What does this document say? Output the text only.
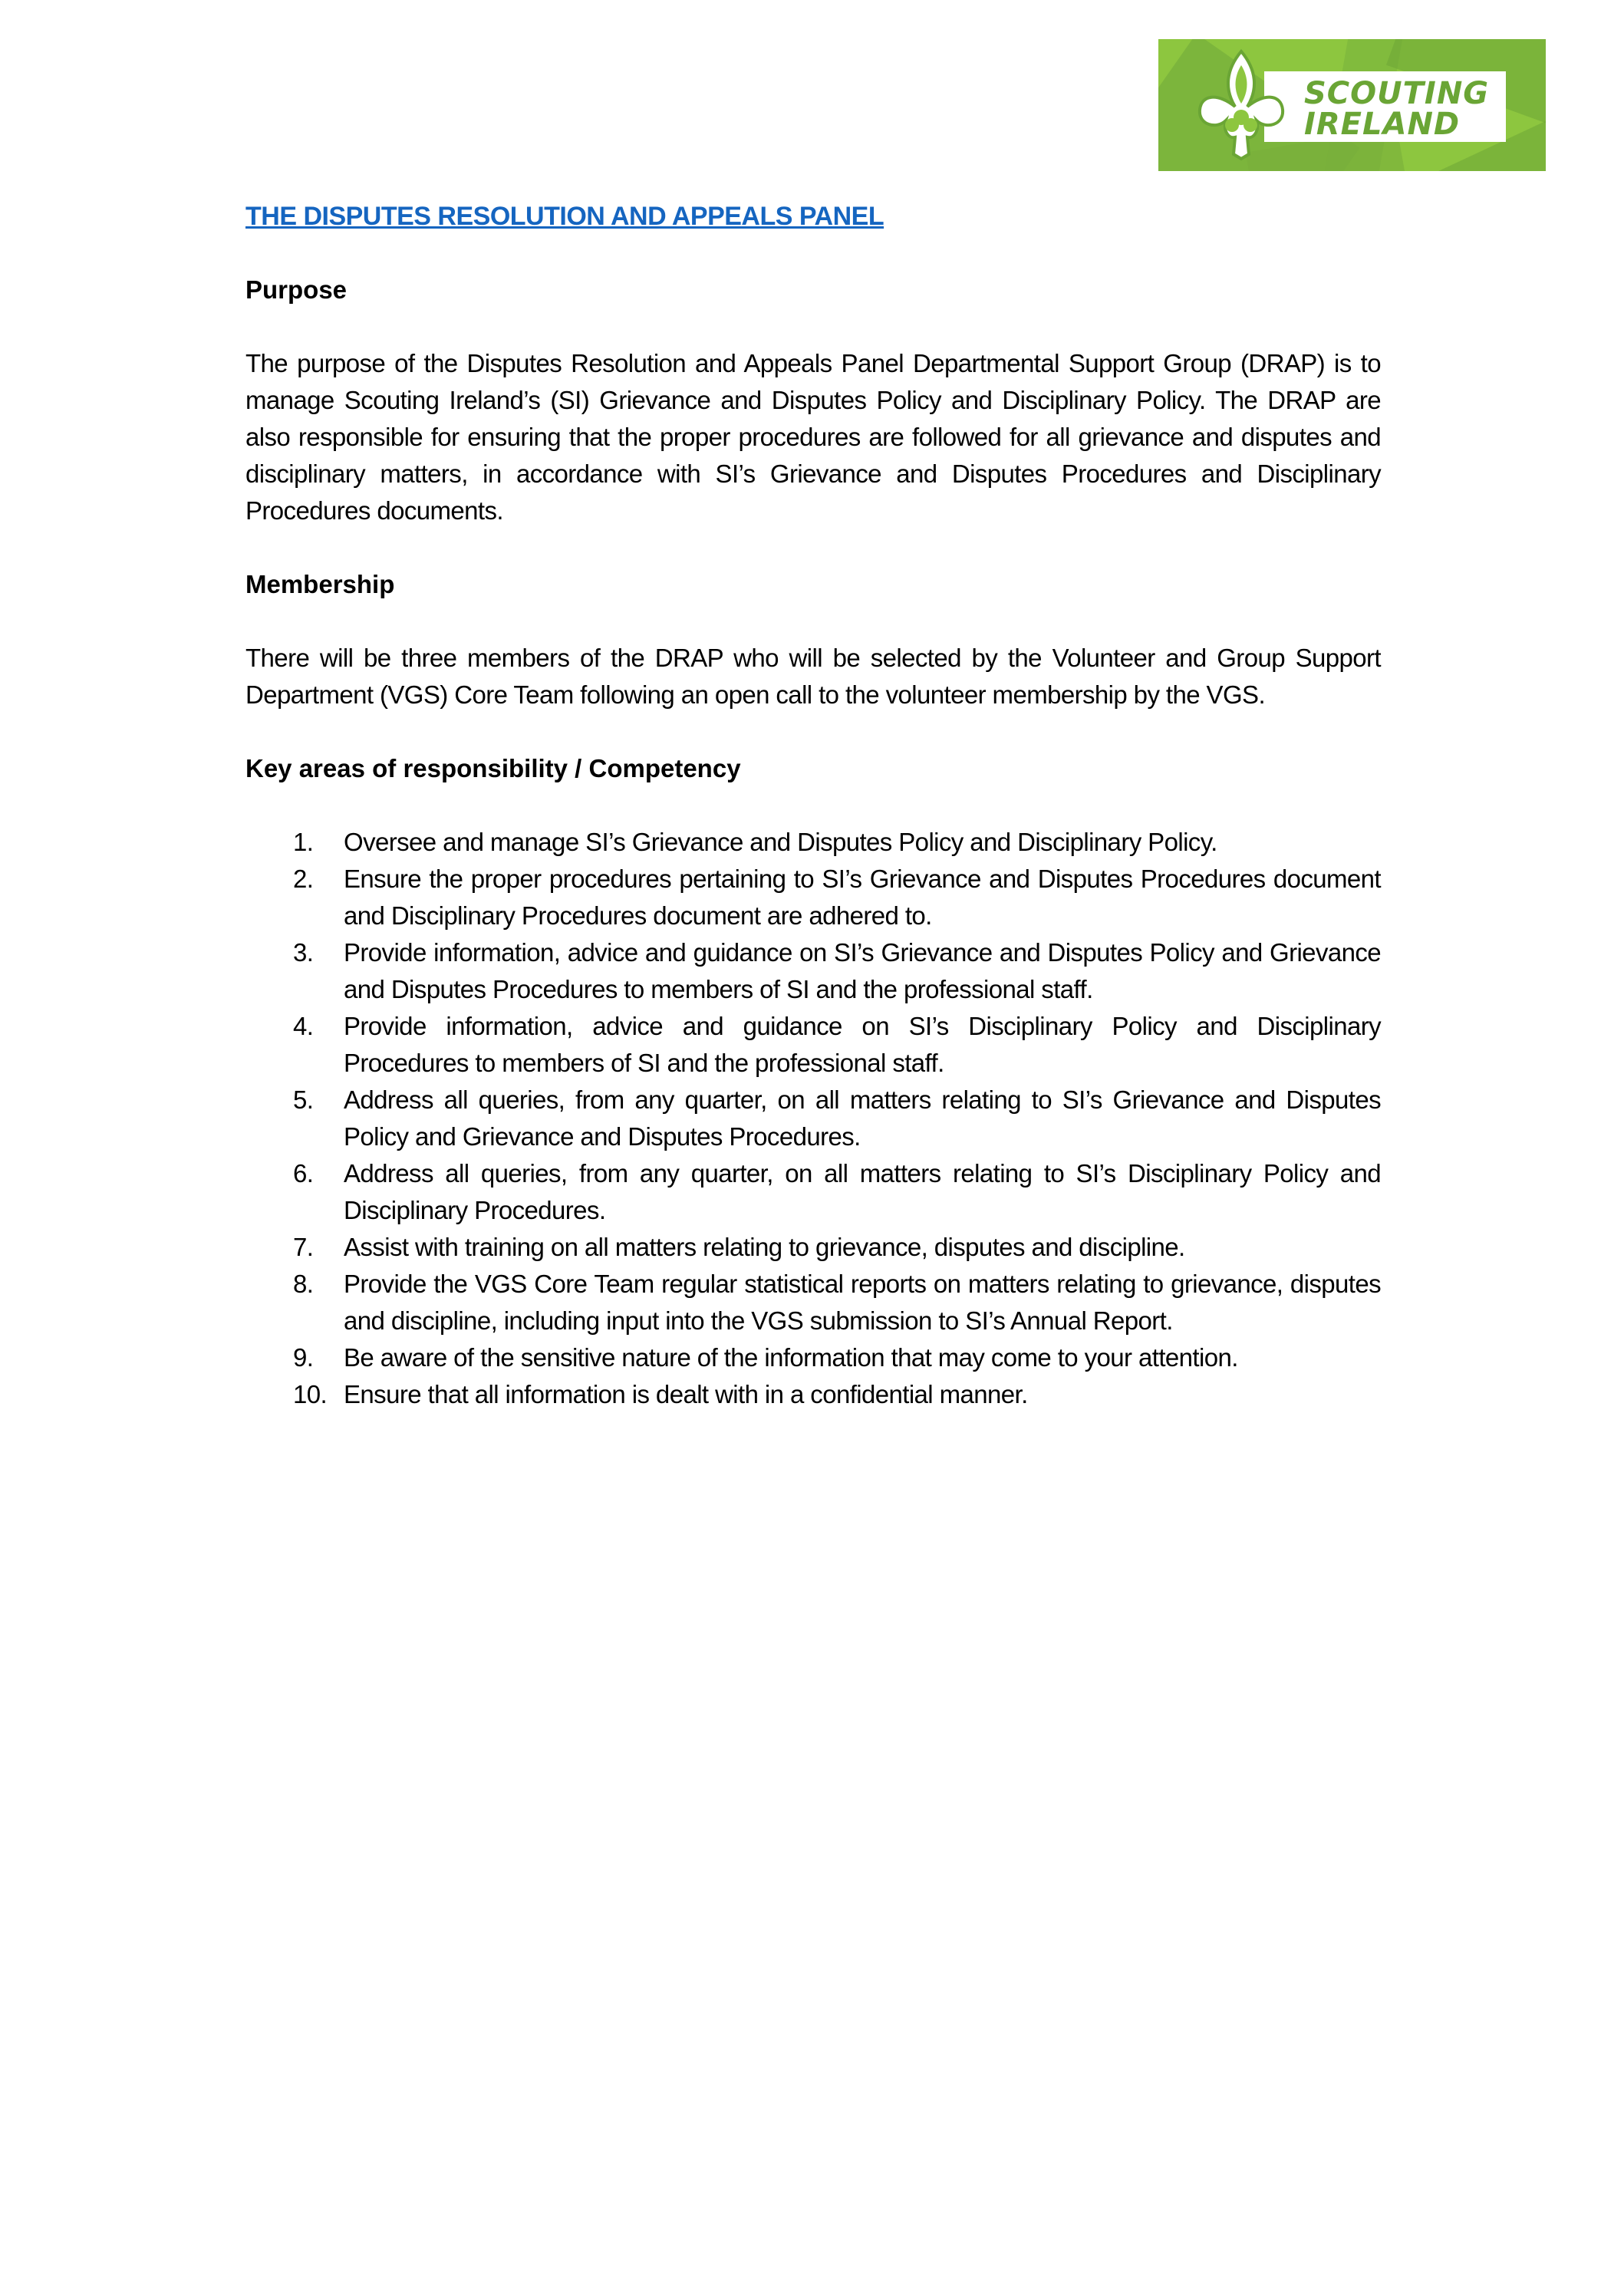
SCOUTING
IRELAND
THE DISPUTES RESOLUTION AND APPEALS PANEL
Purpose

The purpose of the Disputes Resolution and Appeals Panel Departmental Support Group (DRAP) is to manage Scouting Ireland’s (SI) Grievance and Disputes Policy and Disciplinary Policy. The DRAP are also responsible for ensuring that the proper procedures are followed for all grievance and disputes and disciplinary matters, in accordance with SI’s Grievance and Disputes Procedures and Disciplinary Procedures documents.

Membership

There will be three members of the DRAP who will be selected by the Volunteer and Group Support Department (VGS) Core Team following an open call to the volunteer membership by the VGS.

Key areas of responsibility / Competency
1. Oversee and manage SI’s Grievance and Disputes Policy and Disciplinary Policy.
2. Ensure the proper procedures pertaining to SI’s Grievance and Disputes Procedures document and Disciplinary Procedures document are adhered to.
3. Provide information, advice and guidance on SI’s Grievance and Disputes Policy and Grievance and Disputes Procedures to members of SI and the professional staff.
4. Provide information, advice and guidance on SI’s Disciplinary Policy and Disciplinary Procedures to members of SI and the professional staff.
5. Address all queries, from any quarter, on all matters relating to SI’s Grievance and Disputes Policy and Grievance and Disputes Procedures.
6. Address all queries, from any quarter, on all matters relating to SI’s Disciplinary Policy and Disciplinary Procedures.
7. Assist with training on all matters relating to grievance, disputes and discipline.
8. Provide the VGS Core Team regular statistical reports on matters relating to grievance, disputes and discipline, including input into the VGS submission to SI’s Annual Report.
9. Be aware of the sensitive nature of the information that may come to your attention.
10. Ensure that all information is dealt with in a confidential manner.
